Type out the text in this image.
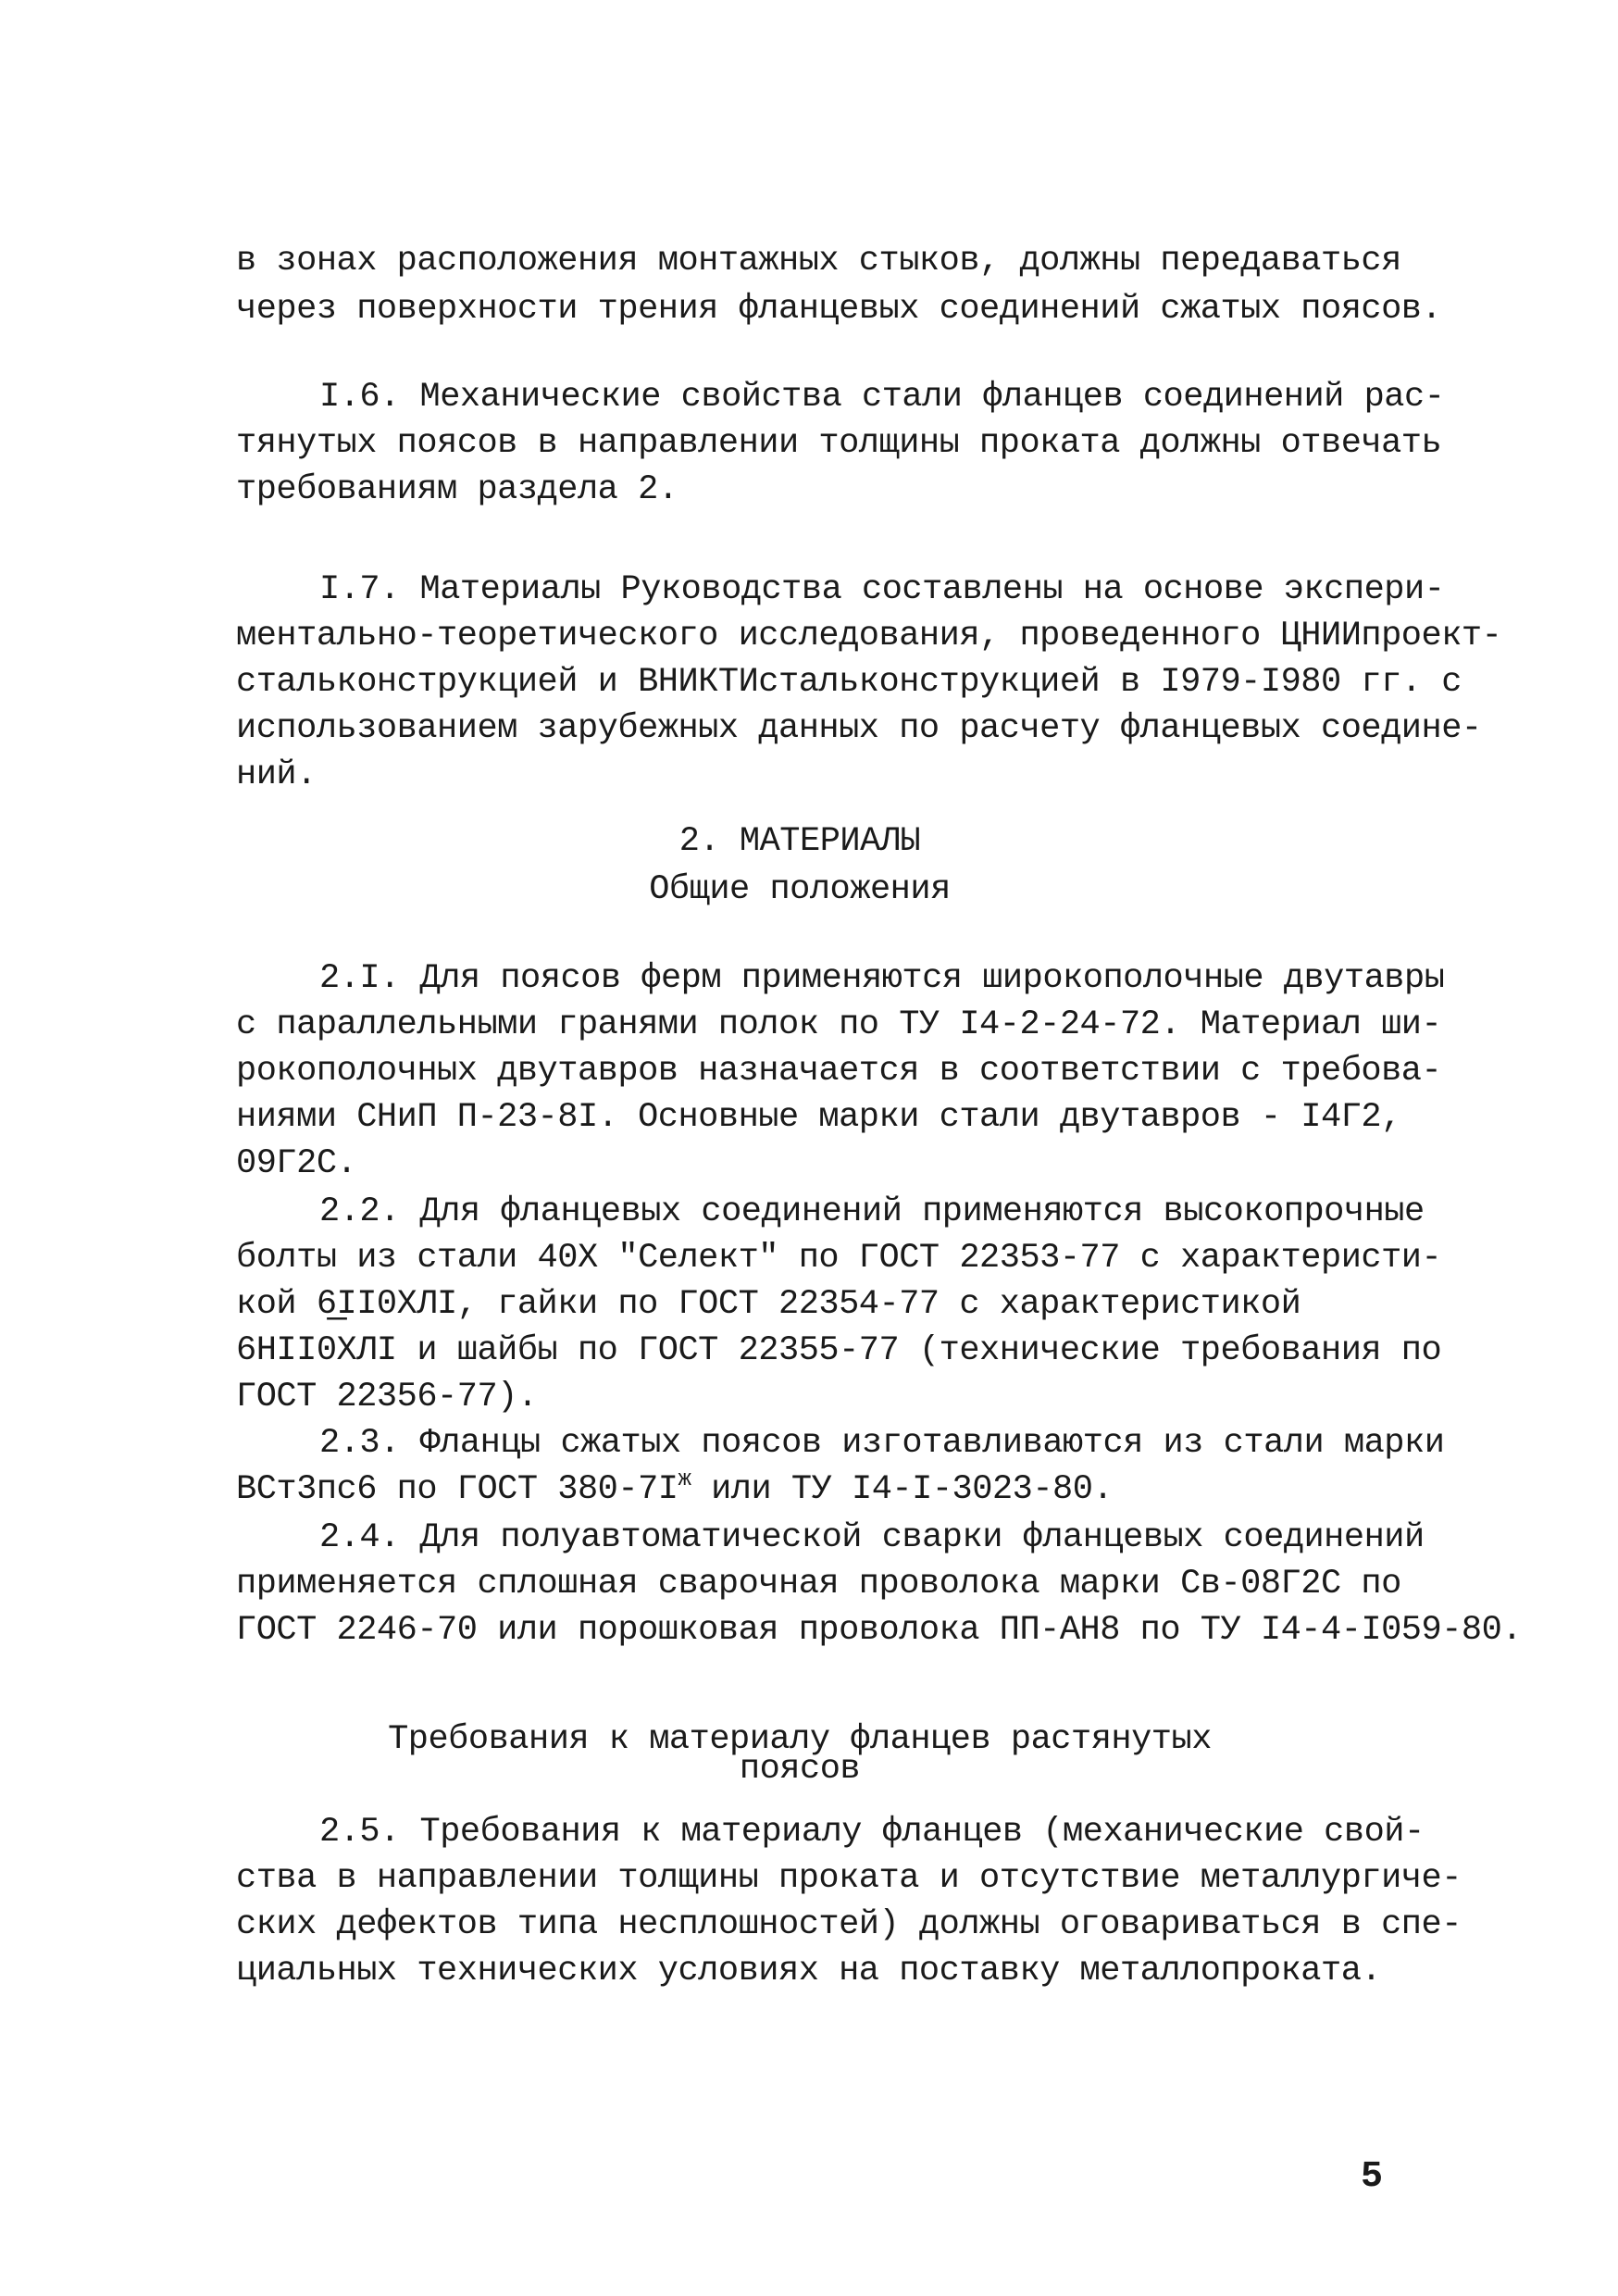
в зонах расположения монтажных стыков, должны передаваться
через поверхности трения фланцевых соединений сжатых поясов.
I.6. Механические свойства стали фланцев соединений рас-
тянутых поясов в направлении толщины проката должны отвечать
требованиям раздела 2.
I.7. Материалы Руководства составлены на основе экспери-
ментально-теоретического исследования, проведенного ЦНИИпроект-
стальконструкцией и ВНИКТИстальконструкцией в I979-I980 гг. с
использованием зарубежных данных по расчету фланцевых соедине-
ний.
2. МАТЕРИАЛЫ
Общие положения
2.I. Для поясов ферм применяются широкополочные двутавры
с параллельными гранями полок по ТУ I4-2-24-72. Материал ши-
рокополочных двутавров назначается в соответствии с требова-
ниями СНиП П-23-8I. Основные марки стали двутавров - I4Г2,
09Г2С.
2.2. Для фланцевых соединений применяются высокопрочные
болты из стали 40Х "Селект" по ГОСТ 22353-77 с характеристи-
кой 6̲̲II0ХЛI, гайки по ГОСТ 22354-77 с характеристикой
6НII0ХЛI и шайбы по ГОСТ 22355-77 (технические требования по
ГОСТ 22356-77).
2.3. Фланцы сжатых поясов изготавливаются из стали марки
ВСт3пс6 по ГОСТ $380-7I^ж$ или ТУ I4-I-3023-80.
2.4. Для полуавтоматической сварки фланцевых соединений
применяется сплошная сварочная проволока марки Св-08Г2С по
ГОСТ 2246-70 или порошковая проволока ПП-АН8 по ТУ I4-4-I059-80.
Требования к материалу фланцев растянутых
поясов
2.5. Требования к материалу фланцев (механические свой-
ства в направлении толщины проката и отсутствие металлургиче-
ских дефектов типа несплошностей) должны оговариваться в спе-
циальных технических условиях на поставку металлопроката.
5
